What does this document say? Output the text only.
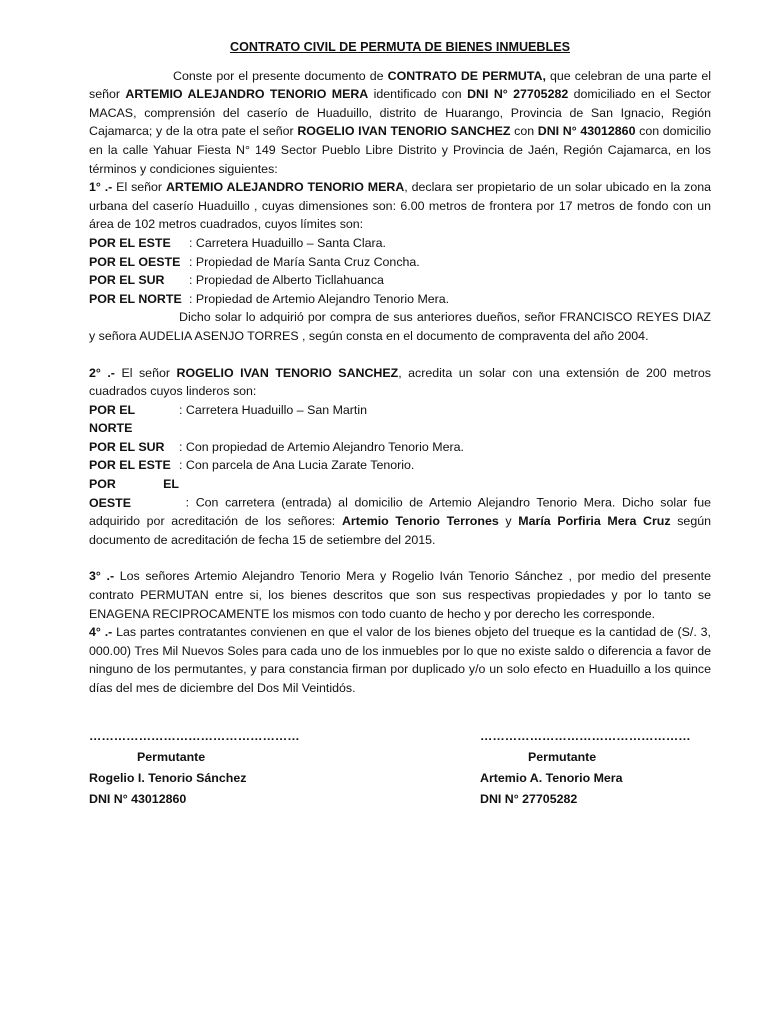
CONTRATO CIVIL DE PERMUTA DE BIENES INMUEBLES

Conste por el presente documento de CONTRATO DE PERMUTA, que celebran de una parte el señor ARTEMIO ALEJANDRO TENORIO MERA identificado con DNI N° 27705282 domiciliado en el Sector MACAS, comprensión del caserío de Huaduillo, distrito de Huarango, Provincia de San Ignacio, Región Cajamarca; y de la otra pate el señor ROGELIO IVAN TENORIO SANCHEZ con DNI N° 43012860 con domicilio en la calle Yahuar Fiesta N° 149 Sector Pueblo Libre Distrito y Provincia de Jaén, Región Cajamarca, en los términos y condiciones siguientes:

1° .- El señor ARTEMIO ALEJANDRO TENORIO MERA, declara ser propietario de un solar ubicado en la zona urbana del caserío Huaduillo , cuyas dimensiones son: 6.00 metros de frontera por 17 metros de fondo con un área de 102 metros cuadrados, cuyos límites son:

POR EL ESTE	: Carretera Huaduillo – Santa Clara.
POR EL OESTE : Propiedad de María Santa Cruz Concha.
POR EL SUR	: Propiedad de Alberto Ticllahuanca
POR EL NORTE : Propiedad de Artemio Alejandro Tenorio Mera.

Dicho solar lo adquirió por compra de sus anteriores dueños, señor FRANCISCO REYES DIAZ y señora AUDELIA ASENJO TORRES , según consta en el documento de compraventa del año 2004.

2° .- El señor ROGELIO IVAN TENORIO SANCHEZ, acredita un solar con una extensión de 200 metros cuadrados cuyos linderos son:

POR EL NORTE
: Carretera Huaduillo – San Martin
POR EL SUR	: Con propiedad de Artemio Alejandro Tenorio Mera.
POR EL ESTE : Con parcela de Ana Lucia Zarate Tenorio.

POR EL OESTE	: Con carretera (entrada) al domicilio de Artemio Alejandro Tenorio Mera. Dicho solar fue adquirido por acreditación de los señores: Artemio Tenorio Terrones y María Porfiria Mera Cruz según documento de acreditación de fecha 15 de setiembre del 2015.

3° .- Los señores Artemio Alejandro Tenorio Mera y Rogelio Iván Tenorio Sánchez , por medio del presente contrato PERMUTAN entre si, los bienes descritos que son sus respectivas propiedades y por lo tanto se ENAGENA RECIPROCAMENTE los mismos con todo cuanto de hecho y por derecho les corresponde.

4° .- Las partes contratantes convienen en que el valor de los bienes objeto del trueque es la cantidad de (S/. 3, 000.00) Tres Mil Nuevos Soles para cada uno de los inmuebles por lo que no existe saldo o diferencia a favor de ninguno de los permutantes, y para constancia firman por duplicado y/o un solo efecto en Huaduillo a los quince días del mes de diciembre del Dos Mil Veintidós.

……………………………………………
Permutante
Rogelio I. Tenorio Sánchez
DNI N° 43012860
……………………………………………
Permutante
Artemio A. Tenorio Mera
DNI N° 27705282
